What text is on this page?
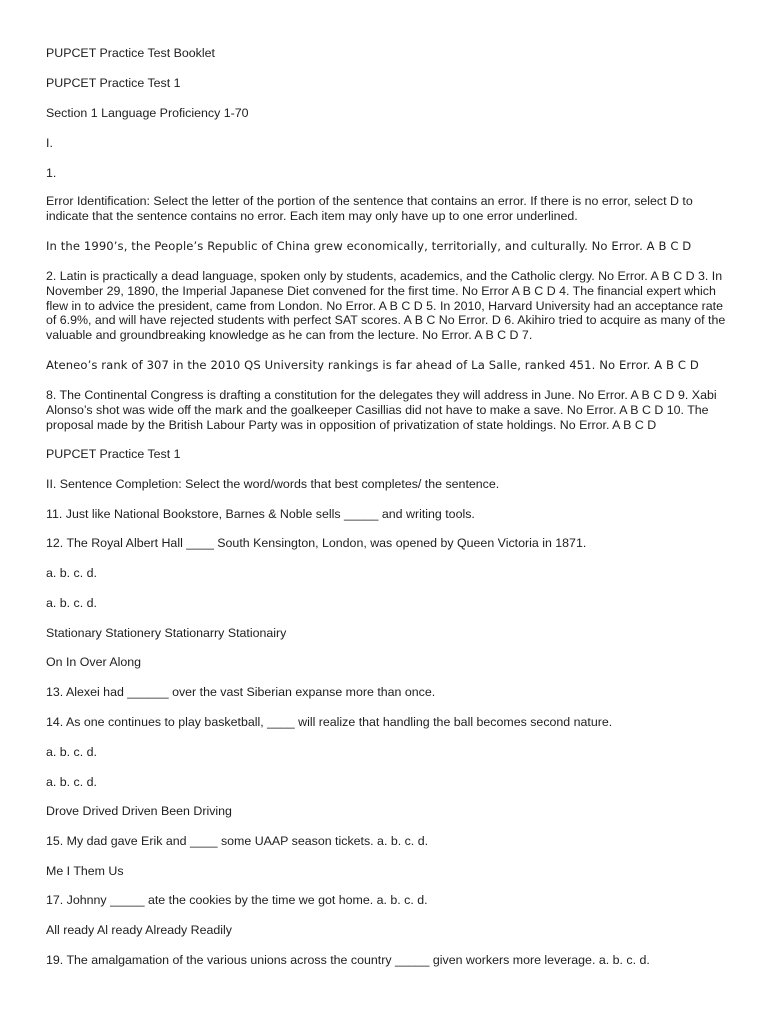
PUPCET Practice Test Booklet

PUPCET Practice Test 1

Section 1 Language Proficiency 1-70

I.

1.

Error Identification: Select the letter of the portion of the sentence that contains an error. If there is no error, select D to indicate that the sentence contains no error. Each item may only have up to one error underlined.

In the 1990’s, the People’s Republic of China grew economically, territorially, and culturally. No Error. A B C D

2. Latin is practically a dead language, spoken only by students, academics, and the Catholic clergy. No Error. A B C D 3. In November 29, 1890, the Imperial Japanese Diet convened for the first time. No Error A B C D 4. The financial expert which flew in to advice the president, came from London. No Error. A B C D 5. In 2010, Harvard University had an acceptance rate of 6.9%, and will have rejected students with perfect SAT scores. A B C No Error. D 6. Akihiro tried to acquire as many of the valuable and groundbreaking knowledge as he can from the lecture. No Error. A B C D 7.

Ateneo’s rank of 307 in the 2010 QS University rankings is far ahead of La Salle, ranked 451. No Error. A B C D

8. The Continental Congress is drafting a constitution for the delegates they will address in June. No Error. A B C D 9. Xabi Alonso’s shot was wide off the mark and the goalkeeper Casillias did not have to make a save. No Error. A B C D 10. The proposal made by the British Labour Party was in opposition of privatization of state holdings. No Error. A B C D

PUPCET Practice Test 1

II. Sentence Completion: Select the word/words that best completes/ the sentence.

11. Just like National Bookstore, Barnes & Noble sells _____ and writing tools.

12. The Royal Albert Hall ____ South Kensington, London, was opened by Queen Victoria in 1871.

a. b. c. d.

a. b. c. d.

Stationary Stationery Stationarry Stationairy

On In Over Along

13. Alexei had ______ over the vast Siberian expanse more than once.

14. As one continues to play basketball, ____ will realize that handling the ball becomes second nature.

a. b. c. d.

a. b. c. d.

Drove Drived Driven Been Driving

15. My dad gave Erik and ____ some UAAP season tickets. a. b. c. d.

Me I Them Us

17. Johnny _____ ate the cookies by the time we got home. a. b. c. d.

All ready Al ready Already Readily

19. The amalgamation of the various unions across the country _____ given workers more leverage. a. b. c. d.
